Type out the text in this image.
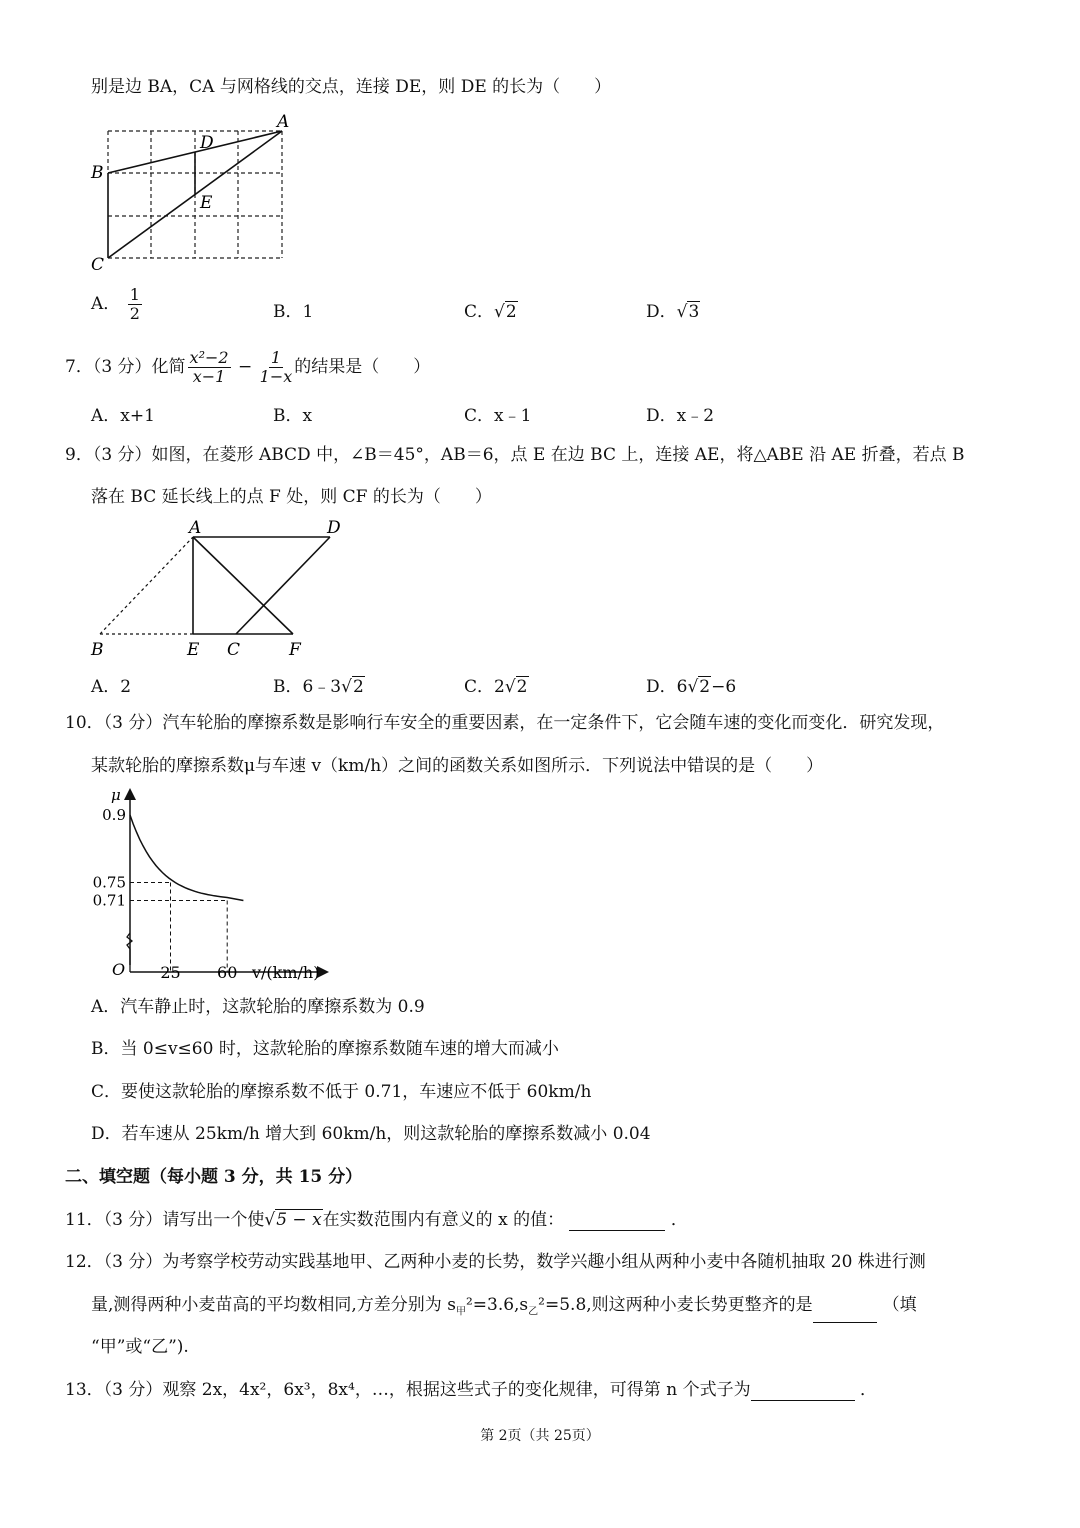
别是边 BA，CA 与网格线的交点，连接 DE，则 DE 的长为（　　）
A
D
B
E
C
A． $\frac{1}{2}$	B．1	C．√2	D．√3
7．（3 分）化简 $\frac{\text{x²−2}}{x-1} - \frac{1}{1-x}$ 的结果是（　　）
A．x+1	B．x	C．x﹣1	D．x﹣2
9．（3 分）如图，在菱形 ABCD 中，∠B＝45°，AB＝6，点 E 在边 BC 上，连接 AE，将△ABE 沿 AE 折叠，若点 B
落在 BC 延长线上的点 F 处，则 CF 的长为（　　）
A	D
B	E C	F
A．2	B．6﹣3√2	C．2√2	D．6√2−6
10．（3 分）汽车轮胎的摩擦系数是影响行车安全的重要因素，在一定条件下，它会随车速的变化而变化．研究发现，
某款轮胎的摩擦系数μ与车速 v（km/h）之间的函数关系如图所示．下列说法中错误的是（　　）
0.9
0.75
0.71
25 60
μ
O	v/(km/h)
A．汽车静止时，这款轮胎的摩擦系数为 0.9
B．当 0≤v≤60 时，这款轮胎的摩擦系数随车速的增大而减小
C．要使这款轮胎的摩擦系数不低于 0.71，车速应不低于 60km/h
D．若车速从 25km/h 增大到 60km/h，则这款轮胎的摩擦系数减小 0.04
二、填空题（每小题 3 分，共 15 分）
11．（3 分）请写出一个使√5 − x在实数范围内有意义的 x 的值：	．
12．（3 分）为考察学校劳动实践基地甲、乙两种小麦的长势，数学兴趣小组从两种小麦中各随机抽取 20 株进行测
量,测得两种小麦苗高的平均数相同,方差分别为 $s_甲^2=3.6,s_乙^2=5.8$,则这两种小麦长势更整齐的是	（填
“甲”或“乙”).
13．（3 分）观察 2x，4x²，6x³，8x⁴，…，根据这些式子的变化规律，可得第 n 个式子为	．
第 2页（共 25页）
